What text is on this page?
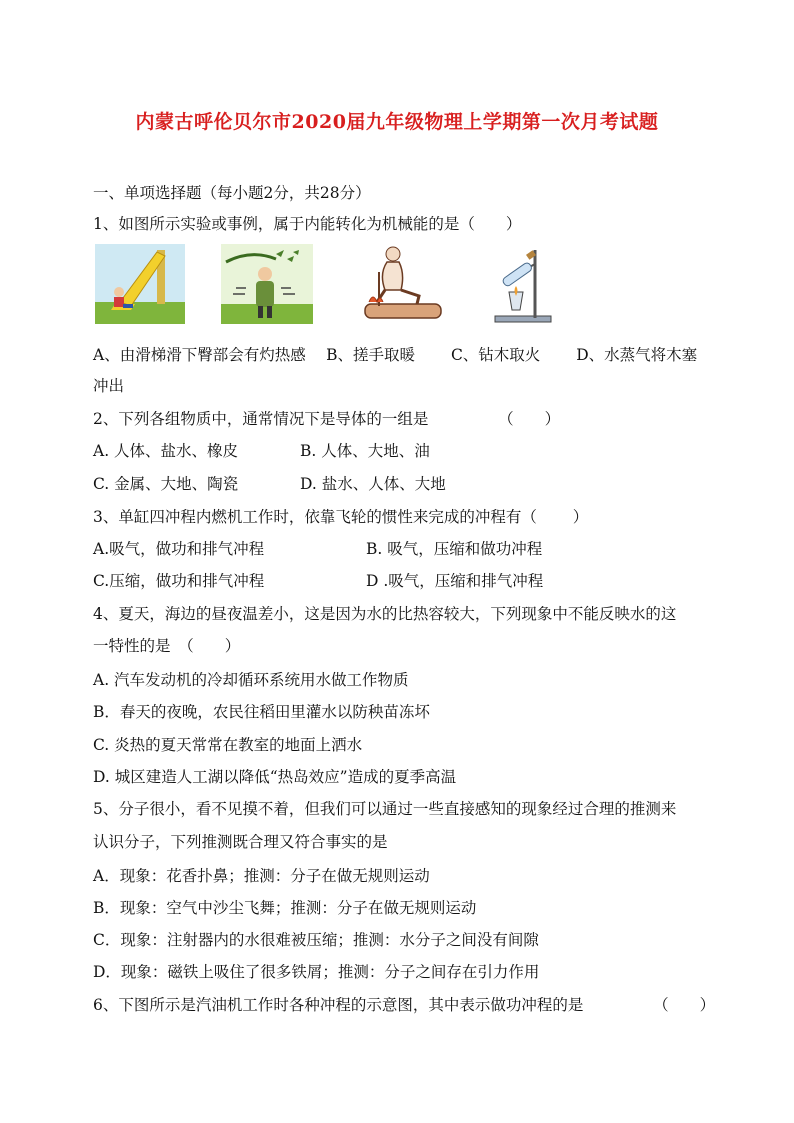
内蒙古呼伦贝尔市2020届九年级物理上学期第一次月考试题
一、单项选择题（每小题2分，共28分）
1、如图所示实验或事例，属于内能转化为机械能的是（　　）
A、由滑梯滑下臀部会有灼热感　 B、搓手取暖　　 C、钻木取火　　 D、水蒸气将木塞
冲出
2、下列各组物质中，通常情况下是导体的一组是　　　　　（　　）
A. 人体、盐水、橡皮	B. 人体、大地、油
C. 金属、大地、陶瓷	D. 盐水、人体、大地
3、单缸四冲程内燃机工作时，依靠飞轮的惯性来完成的冲程有（　　 ）
A.吸气，做功和排气冲程	B. 吸气，压缩和做功冲程
C.压缩，做功和排气冲程	D .吸气，压缩和排气冲程
4、夏天，海边的昼夜温差小，这是因为水的比热容较大，下列现象中不能反映水的这
一特性的是　（　　）
A. 汽车发动机的冷却循环系统用水做工作物质
B．春天的夜晚，农民往稻田里灌水以防秧苗冻坏
C. 炎热的夏天常常在教室的地面上洒水
D. 城区建造人工湖以降低“热岛效应”造成的夏季高温
5、分子很小，看不见摸不着，但我们可以通过一些直接感知的现象经过合理的推测来
认识分子，下列推测既合理又符合事实的是
A．现象：花香扑鼻；推测：分子在做无规则运动
B．现象：空气中沙尘飞舞；推测：分子在做无规则运动
C．现象：注射器内的水很难被压缩；推测：水分子之间没有间隙
D．现象：磁铁上吸住了很多铁屑；推测：分子之间存在引力作用
6、下图所示是汽油机工作时各种冲程的示意图，其中表示做功冲程的是　　　　　（　　）
